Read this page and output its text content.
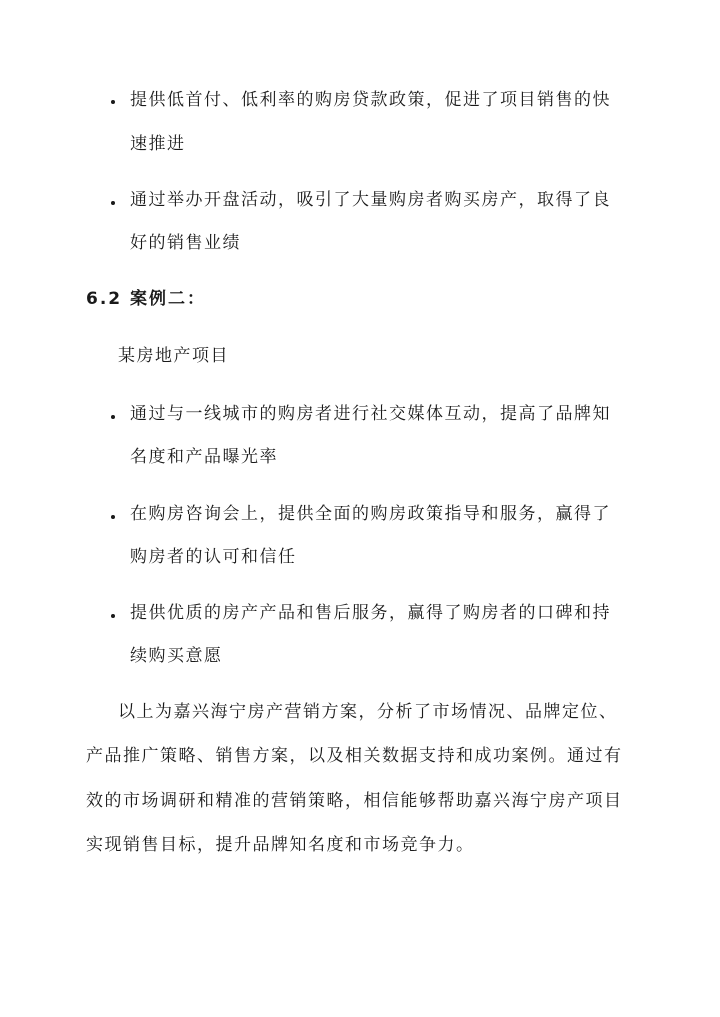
提供低首付、低利率的购房贷款政策，促进了项目销售的快
速推进
通过举办开盘活动，吸引了大量购房者购买房产，取得了良
好的销售业绩
6.2 案例二：
某房地产项目
通过与一线城市的购房者进行社交媒体互动，提高了品牌知
名度和产品曝光率
在购房咨询会上，提供全面的购房政策指导和服务，赢得了
购房者的认可和信任
提供优质的房产产品和售后服务，赢得了购房者的口碑和持
续购买意愿
以上为嘉兴海宁房产营销方案，分析了市场情况、品牌定位、
产品推广策略、销售方案，以及相关数据支持和成功案例。通过有
效的市场调研和精准的营销策略，相信能够帮助嘉兴海宁房产项目
实现销售目标，提升品牌知名度和市场竞争力。
